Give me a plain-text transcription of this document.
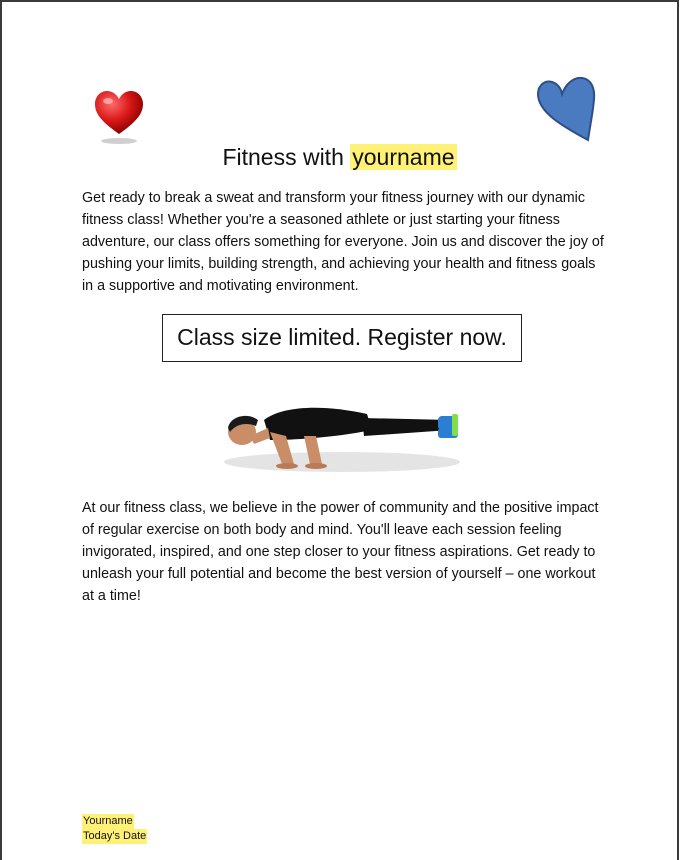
Fitness with yourname
Get ready to break a sweat and transform your fitness journey with our dynamic fitness class! Whether you're a seasoned athlete or just starting your fitness adventure, our class offers something for everyone. Join us and discover the joy of pushing your limits, building strength, and achieving your health and fitness goals in a supportive and motivating environment.
Class size limited. Register now.
At our fitness class, we believe in the power of community and the positive impact of regular exercise on both body and mind. You'll leave each session feeling invigorated, inspired, and one step closer to your fitness aspirations. Get ready to unleash your full potential and become the best version of yourself – one workout at a time!
Yourname
Today's Date
